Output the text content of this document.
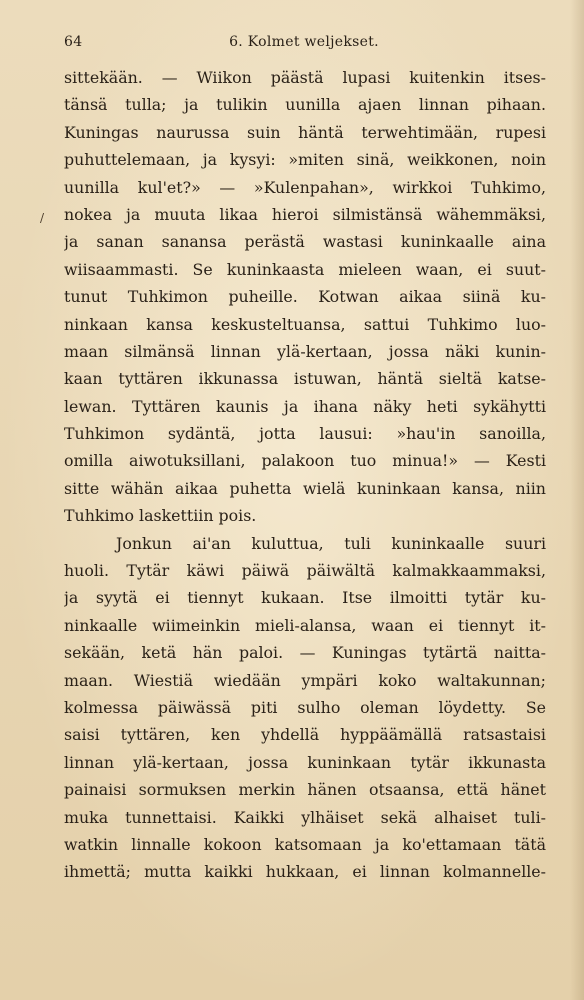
64	6. Kolmet weljekset.
/
sittekään. — Wiikon päästä lupasi kuitenkin itses-
tänsä tulla; ja tulikin uunilla ajaen linnan pihaan.
Kuningas naurussa suin häntä terwehtimään, rupesi
puhuttelemaan, ja kysyi: »miten sinä, weikkonen, noin
uunilla kul'et?» — »Kulenpahan», wirkkoi Tuhkimo,
nokea ja muuta likaa hieroi silmistänsä wähemmäksi,
ja sanan sanansa perästä wastasi kuninkaalle aina
wiisaammasti. Se kuninkaasta mieleen waan, ei suut-
tunut Tuhkimon puheille. Kotwan aikaa siinä ku-
ninkaan kansa keskusteltuansa, sattui Tuhkimo luo-
maan silmänsä linnan ylä-kertaan, jossa näki kunin-
kaan tyttären ikkunassa istuwan, häntä sieltä katse-
lewan. Tyttären kaunis ja ihana näky heti sykähytti
Tuhkimon sydäntä, jotta lausui: »hau'in sanoilla,
omilla aiwotuksillani, palakoon tuo minua!» — Kesti
sitte wähän aikaa puhetta wielä kuninkaan kansa, niin
Tuhkimo laskettiin pois.
Jonkun ai'an kuluttua, tuli kuninkaalle suuri
huoli. Tytär käwi päiwä päiwältä kalmakkaammaksi,
ja syytä ei tiennyt kukaan. Itse ilmoitti tytär ku-
ninkaalle wiimeinkin mieli-alansa, waan ei tiennyt it-
sekään, ketä hän paloi. — Kuningas tytärtä naitta-
maan. Wiestiä wiedään ympäri koko waltakunnan;
kolmessa päiwässä piti sulho oleman löydetty. Se
saisi tyttären, ken yhdellä hyppäämällä ratsastaisi
linnan ylä-kertaan, jossa kuninkaan tytär ikkunasta
painaisi sormuksen merkin hänen otsaansa, että hänet
muka tunnettaisi. Kaikki ylhäiset sekä alhaiset tuli-
watkin linnalle kokoon katsomaan ja ko'ettamaan tätä
ihmettä; mutta kaikki hukkaan, ei linnan kolmannelle-
